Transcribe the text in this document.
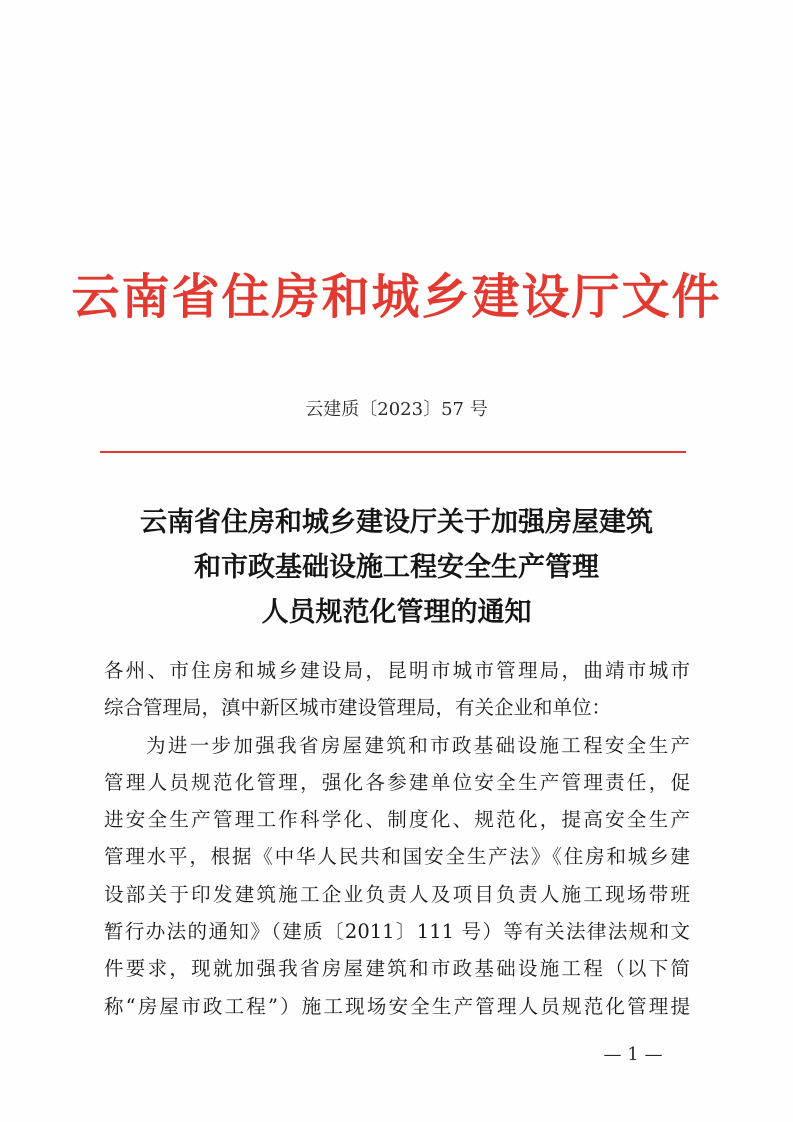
云南省住房和城乡建设厅文件
云建质〔2023〕57 号
云南省住房和城乡建设厅关于加强房屋建筑
和市政基础设施工程安全生产管理
人员规范化管理的通知
各州、市住房和城乡建设局，昆明市城市管理局，曲靖市城市
综合管理局，滇中新区城市建设管理局，有关企业和单位：
为进一步加强我省房屋建筑和市政基础设施工程安全生产
管理人员规范化管理，强化各参建单位安全生产管理责任，促
进安全生产管理工作科学化、制度化、规范化，提高安全生产
管理水平，根据《中华人民共和国安全生产法》《住房和城乡建
设部关于印发建筑施工企业负责人及项目负责人施工现场带班
暂行办法的通知》（建质〔2011〕111 号）等有关法律法规和文
件要求，现就加强我省房屋建筑和市政基础设施工程（以下简
称“房屋市政工程”）施工现场安全生产管理人员规范化管理提
— 1 —
